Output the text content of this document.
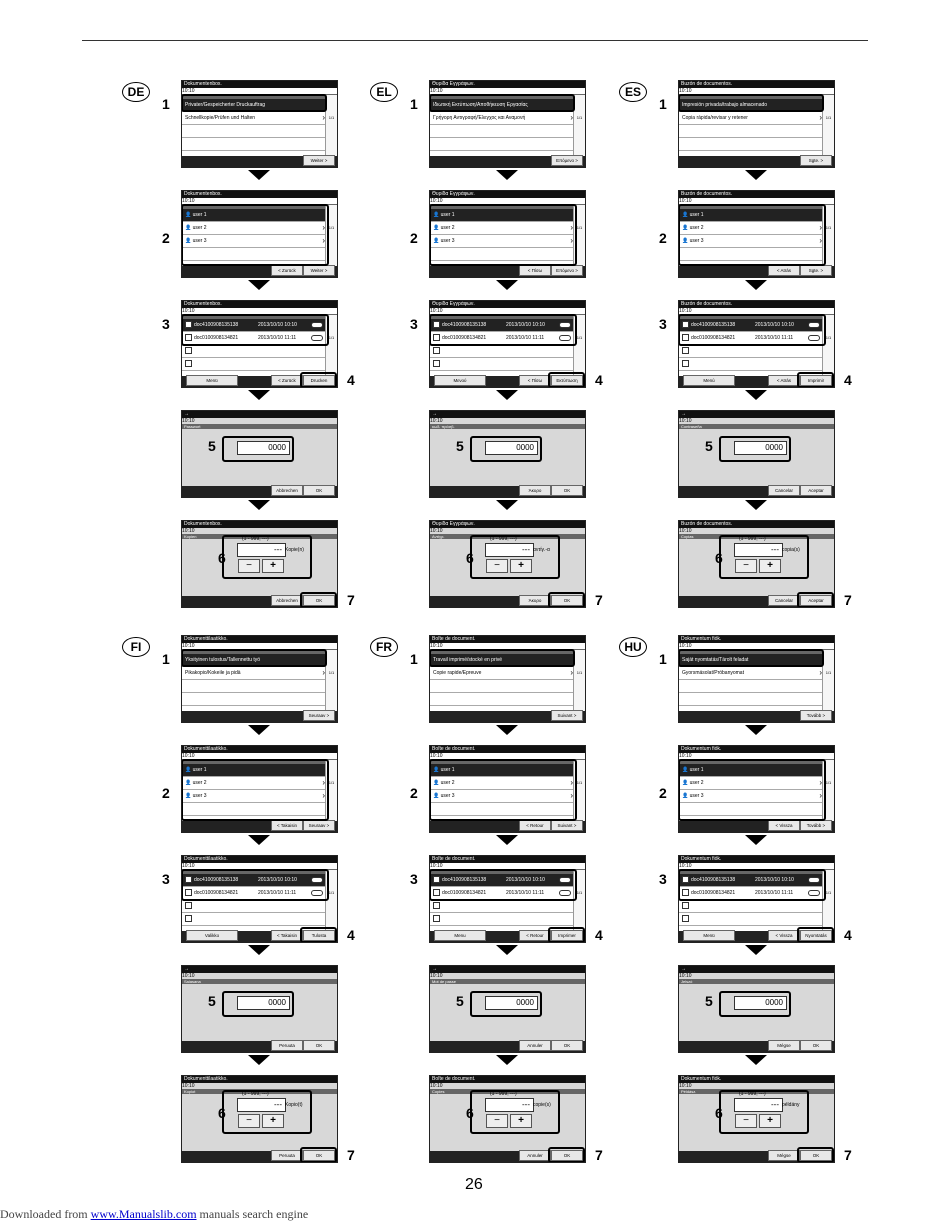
DE
Dokumentenbox.
10:10
Privater/Gespeicherter Druckauftrag
Schnellkopie/Prüfen und Halten	› 1/1
Weiter >
Dokumentenbox.
10:10
👤 user 1
👤 user 2	›
👤 user 3	›
1/1
< Zurück	Weiter >
Dokumentenbox.
10:10
doc4100908135138	2013/10/10 10:10
doc0100908134821	2013/10/10 11:11	1/1
Menü	< Zurück	Drucken
→
10:10
Passwort
0000
Abbrechen	OK
Dokumentenbox.
10:10
Kopien	(1 - 999, ---)
--- Kopie(n)
−	+
Abbrechen	OK
1
2
3
4
5
6
7
EL
Θυρίδα Εγγράφων.
10:10
Ιδιωτική Εκτύπωση/Αποθήκευση Εργασίας
Γρήγορη Αντιγραφή/Έλεγχος και Αναμονή	› 1/1
Επόμενο >
Θυρίδα Εγγράφων.
10:10
👤 user 1
👤 user 2	›
👤 user 3	›
1/1
< Πίσω	Επόμενο >
Θυρίδα Εγγράφων.
10:10
doc4100908135138	2013/10/10 10:10
doc0100908134821	2013/10/10 11:11	1/1
Μενού	< Πίσω	Εκτύπωση
→
10:10
κωδ. πρόσβ.
0000
Άκυρο	OK
Θυρίδα Εγγράφων.
10:10
Αντίγρ.	(1 - 999, ---)
--- αντίγ.-α
−	+
Άκυρο	OK
1
2
3
4
5
6
7
ES
Buzón de documentos.
10:10
Impresión privada/trabajo almacenado
Copia rápida/revisar y retener	› 1/1
Sgte. >
Buzón de documentos.
10:10
👤 user 1
👤 user 2	›
👤 user 3	›
1/1
< Atrás	Sgte. >
Buzón de documentos.
10:10
doc4100908135138	2013/10/10 10:10
doc0100908134821	2013/10/10 11:11	1/1
Menú	< Atrás	Imprimir
→
10:10
Contraseña
0000
Cancelar	Aceptar
Buzón de documentos.
10:10
Copias	(1 - 999, ---)
--- copia(s)
−	+
Cancelar	Aceptar
1
2
3
4
5
6
7
FI
Dokumenttilaatikko.
10:10
Yksityinen tulostus/Tallennettu työ
Pikakopio/Kokeile ja pidä	› 1/1
Seuraav >
Dokumenttilaatikko.
10:10
👤 user 1
👤 user 2	›
👤 user 3	›
1/1
< Takaisin	Seuraav >
Dokumenttilaatikko.
10:10
doc4100908135138	2013/10/10 10:10
doc0100908134821	2013/10/10 11:11	1/1
Valikko	< Takaisin	Tulosta
→
10:10
Salasana
0000
Peruuta	OK
Dokumenttilaatikko.
10:10
Kopiot	(1 - 999, ---)
--- Kopio(t)
−	+
Peruuta	OK
1
2
3
4
5
6
7
FR
Boîte de document.
10:10
Travail imprimé/stocké en privé
Copie rapide/Epreuve	› 1/1
Suivant >
Boîte de document.
10:10
👤 user 1
👤 user 2	›
👤 user 3	›
1/1
< Retour	Suivant >
Boîte de document.
10:10
doc4100908135138	2013/10/10 10:10
doc0100908134821	2013/10/10 11:11	1/1
Menu	< Retour	Imprimer
→
10:10
Mot de passe
0000
Annuler	OK
Boîte de document.
10:10
Copies	(1 - 999, ---)
--- copie(s)
−	+
Annuler	OK
1
2
3
4
5
6
7
HU
Dokumentum fiók.
10:10
Saját nyomtatás/Tárolt feladat
Gyorsmásolat/Próbanyomat	› 1/1
Tovább >
Dokumentum fiók.
10:10
👤 user 1
👤 user 2	›
👤 user 3	›
1/1
< Vissza	Tovább >
Dokumentum fiók.
10:10
doc4100908135138	2013/10/10 10:10
doc0100908134821	2013/10/10 11:11	1/1
Menü	< Vissza	Nyomtatás
→
10:10
Jelszó
0000
Mégse	OK
Dokumentum fiók.
10:10
Példász.	(1 - 999, ---)
--- példány
−	+
Mégse	OK
1
2
3
4
5
6
7
26
Downloaded from www.Manualslib.com manuals search engine
